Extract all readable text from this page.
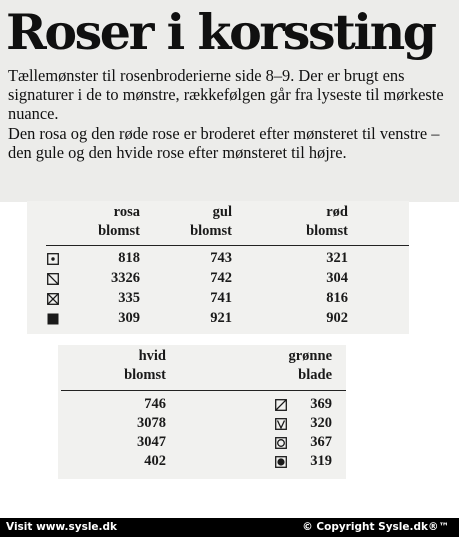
Roser i korssting

Tællemønster til rosenbroderierne side 8–9. Der er brugt ens signaturer i de to mønstre, rækkefølgen går fra lyseste til mørkeste nuance.

Den rosa og den røde rose er broderet efter mønsteret til venstre – den gule og den hvide rose efter mønsteret til højre.

rosa
blomst
gul
blomst
rød
blomst
818	743	321
3326	742	304
335	741	816
309	921	902
hvid
blomst
grønne
blade
746	369
3078	320
3047	367
402	319
Visit www.sysle.dk	© Copyright Sysle.dk®™
